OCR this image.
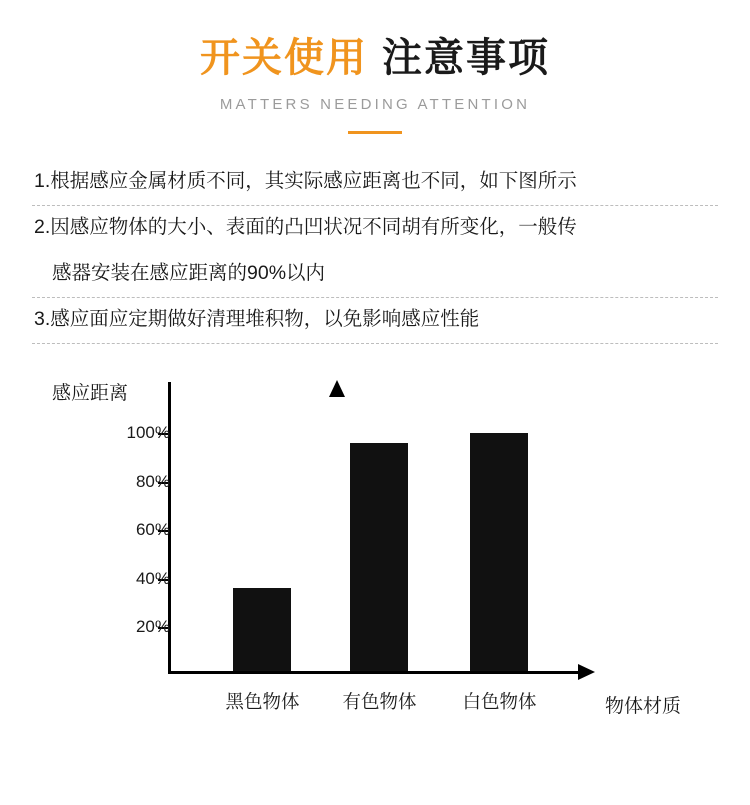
开关使用 注意事项
MATTERS NEEDING ATTENTION
1.根据感应金属材质不同，其实际感应距离也不同，如下图所示
2.因感应物体的大小、表面的凸凹状况不同胡有所变化，一般传
感器安装在感应距离的90%以内
3.感应面应定期做好清理堆积物，以免影响感应性能
感应距离
物体材质
100%
80%
60%
40%
20%
黑色物体	有色物体	白色物体
